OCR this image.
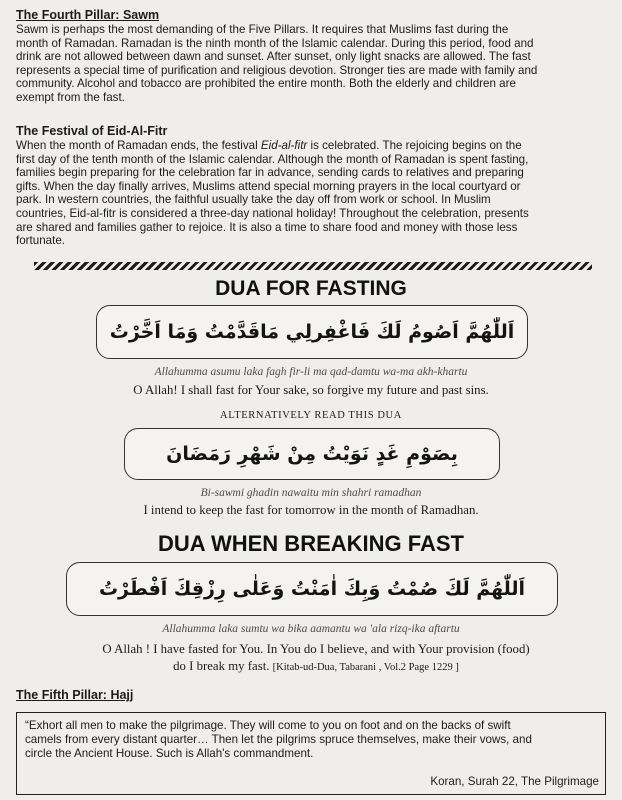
The Fourth Pillar: Sawm

Sawm is perhaps the most demanding of the Five Pillars. It requires that Muslims fast during the
month of Ramadan. Ramadan is the ninth month of the Islamic calendar. During this period, food and
drink are not allowed between dawn and sunset. After sunset, only light snacks are allowed. The fast
represents a special time of purification and religious devotion. Stronger ties are made with family and
community. Alcohol and tobacco are prohibited the entire month. Both the elderly and children are
exempt from the fast.

The Festival of Eid-Al-Fitr

When the month of Ramadan ends, the festival Eid-al-fitr is celebrated. The rejoicing begins on the
first day of the tenth month of the Islamic calendar. Although the month of Ramadan is spent fasting,
families begin preparing for the celebration far in advance, sending cards to relatives and preparing
gifts. When the day finally arrives, Muslims attend special morning prayers in the local courtyard or
park. In western countries, the faithful usually take the day off from work or school. In Muslim
countries, Eid-al-fitr is considered a three-day national holiday! Throughout the celebration, presents
are shared and families gather to rejoice. It is also a time to share food and money with those less
fortunate.

DUA FOR FASTING
اَللّٰهُمَّ اَصُومُ لَكَ فَاغْفِرلِي مَاقَدَّمْتُ وَمَا اَخَّرْتُ
Allahumma asumu laka fagh fir-li ma qad-damtu wa-ma akh-khartu
O Allah! I shall fast for Your sake, so forgive my future and past sins.
ALTERNATIVELY READ THIS DUA
بِصَوْمِ غَدٍ نَوَيْتُ مِنْ شَهْرِ رَمَضَانَ
Bi-sawmi ghadin nawaitu min shahri ramadhan
I intend to keep the fast for tomorrow in the month of Ramadhan.
DUA WHEN BREAKING FAST
اَللّٰهُمَّ لَكَ صُمْتُ وَبِكَ اٰمَنْتُ وَعَلٰى رِزْقِكَ اَفْطَرْتُ
Allahumma laka sumtu wa bika aamantu wa 'ala rizq-ika aftartu
O Allah ! I have fasted for You. In You do I believe, and with Your provision (food) do I break my fast. [Kitab-ud-Dua, Tabarani , Vol.2 Page 1229 ]
The Fifth Pillar: Hajj

“Exhort all men to make the pilgrimage. They will come to you on foot and on the backs of swift
camels from every distant quarter… Then let the pilgrims spruce themselves, make their vows, and
circle the Ancient House. Such is Allah's commandment.

Koran, Surah 22, The Pilgrimage
